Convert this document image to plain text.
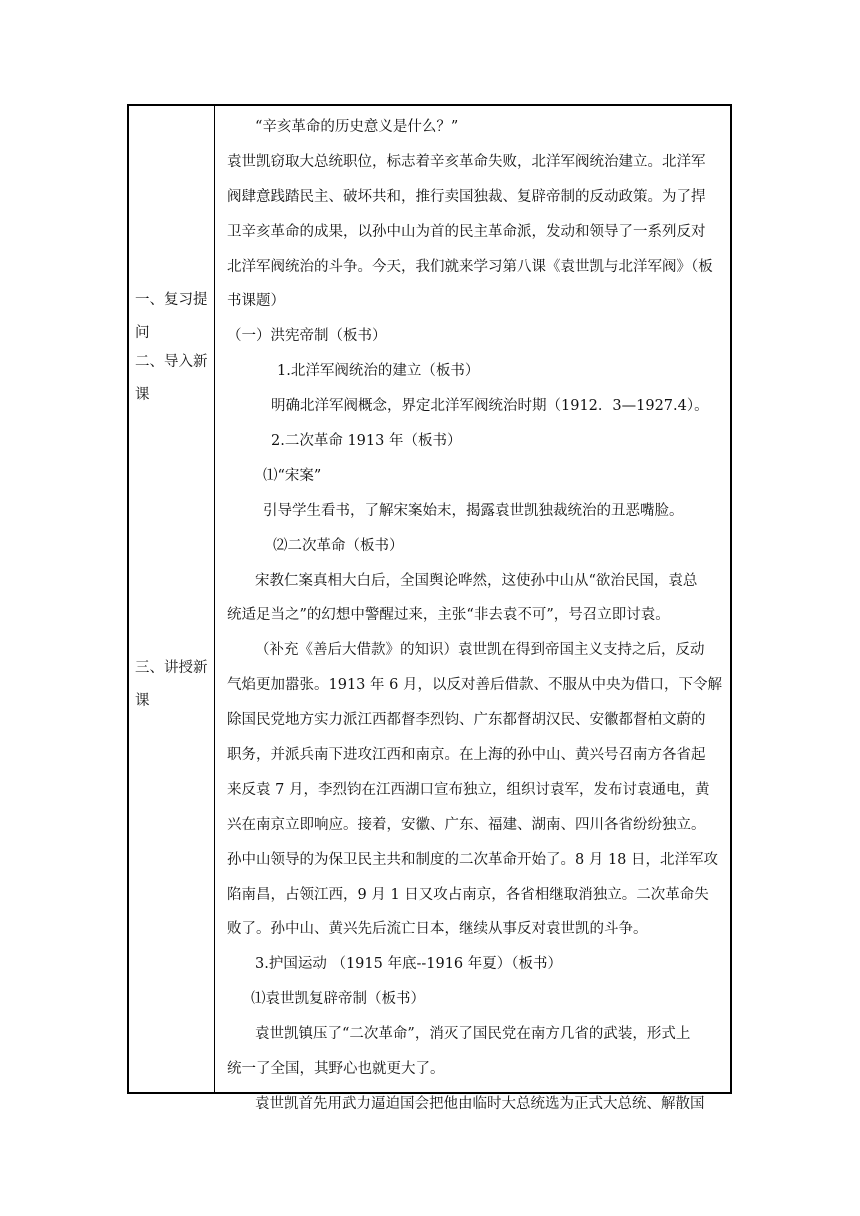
一、复习提
问
二、导入新
课
三、讲授新
课
“辛亥革命的历史意义是什么？”
袁世凯窃取大总统职位，标志着辛亥革命失败，北洋军阀统治建立。北洋军
阀肆意践踏民主、破坏共和，推行卖国独裁、复辟帝制的反动政策。为了捍
卫辛亥革命的成果，以孙中山为首的民主革命派，发动和领导了一系列反对
北洋军阀统治的斗争。今天，我们就来学习第八课《袁世凯与北洋军阀》（板
书课题）
（一）洪宪帝制（板书）
1.北洋军阀统治的建立（板书）
明确北洋军阀概念，界定北洋军阀统治时期（1912．3—1927.4）。
2.二次革命 1913 年（板书）
⑴“宋案”
引导学生看书，了解宋案始末，揭露袁世凯独裁统治的丑恶嘴脸。
⑵二次革命（板书）
宋教仁案真相大白后，全国舆论哗然，这使孙中山从“欲治民国，袁总
统适足当之”的幻想中警醒过来，主张“非去袁不可”，号召立即讨袁。
（补充《善后大借款》的知识）袁世凯在得到帝国主义支持之后，反动
气焰更加嚣张。1913 年 6 月，以反对善后借款、不服从中央为借口，下令解
除国民党地方实力派江西都督李烈钧、广东都督胡汉民、安徽都督柏文蔚的
职务，并派兵南下进攻江西和南京。在上海的孙中山、黄兴号召南方各省起
来反袁 7 月，李烈钧在江西湖口宣布独立，组织讨袁军，发布讨袁通电，黄
兴在南京立即响应。接着，安徽、广东、福建、湖南、四川各省纷纷独立。
孙中山领导的为保卫民主共和制度的二次革命开始了。8 月 18 日，北洋军攻
陷南昌，占领江西，9 月 1 日又攻占南京，各省相继取消独立。二次革命失
败了。孙中山、黄兴先后流亡日本，继续从事反对袁世凯的斗争。
3.护国运动 （1915 年底--1916 年夏）（板书）
⑴袁世凯复辟帝制（板书）
袁世凯镇压了“二次革命”，消灭了国民党在南方几省的武装，形式上
统一了全国，其野心也就更大了。
袁世凯首先用武力逼迫国会把他由临时大总统选为正式大总统、解散国
